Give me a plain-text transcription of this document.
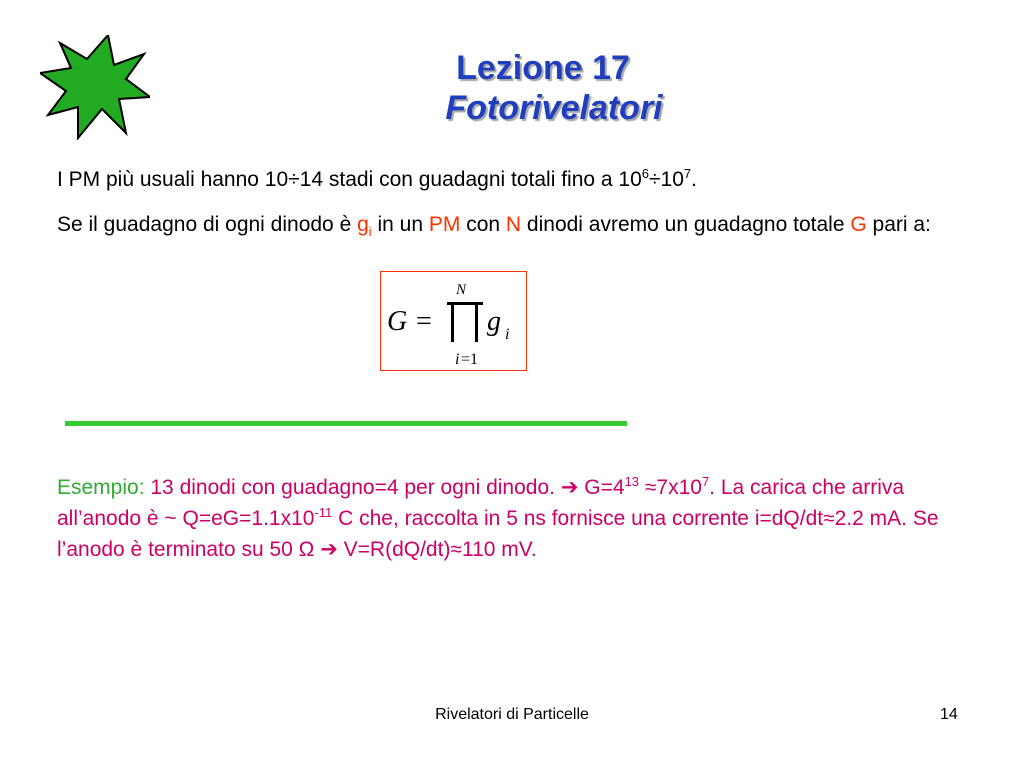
Lezione 17
Fotorivelatori
I PM più usuali hanno 10÷14 stadi con guadagni totali fino a $10^6\div 10^7$.
Se il guadagno di ogni dinodo è $g_i$ in un PM con N dinodi avremo un guadagno totale G pari a:
G =
N
i =1
g i
Esempio: 13 dinodi con guadagno=4 per ogni dinodo. ➔ $G=4^{13} \approx 7x10^7$. La carica che arriva all’anodo è ~ $Q=eG=1.1x10^{-11}$ C che, raccolta in 5 ns fornisce una corrente i=dQ/dt≈2.2 mA. Se l’anodo è terminato su 50 Ω ➔ V=R(dQ/dt)≈110 mV.
Rivelatori di Particelle	14
